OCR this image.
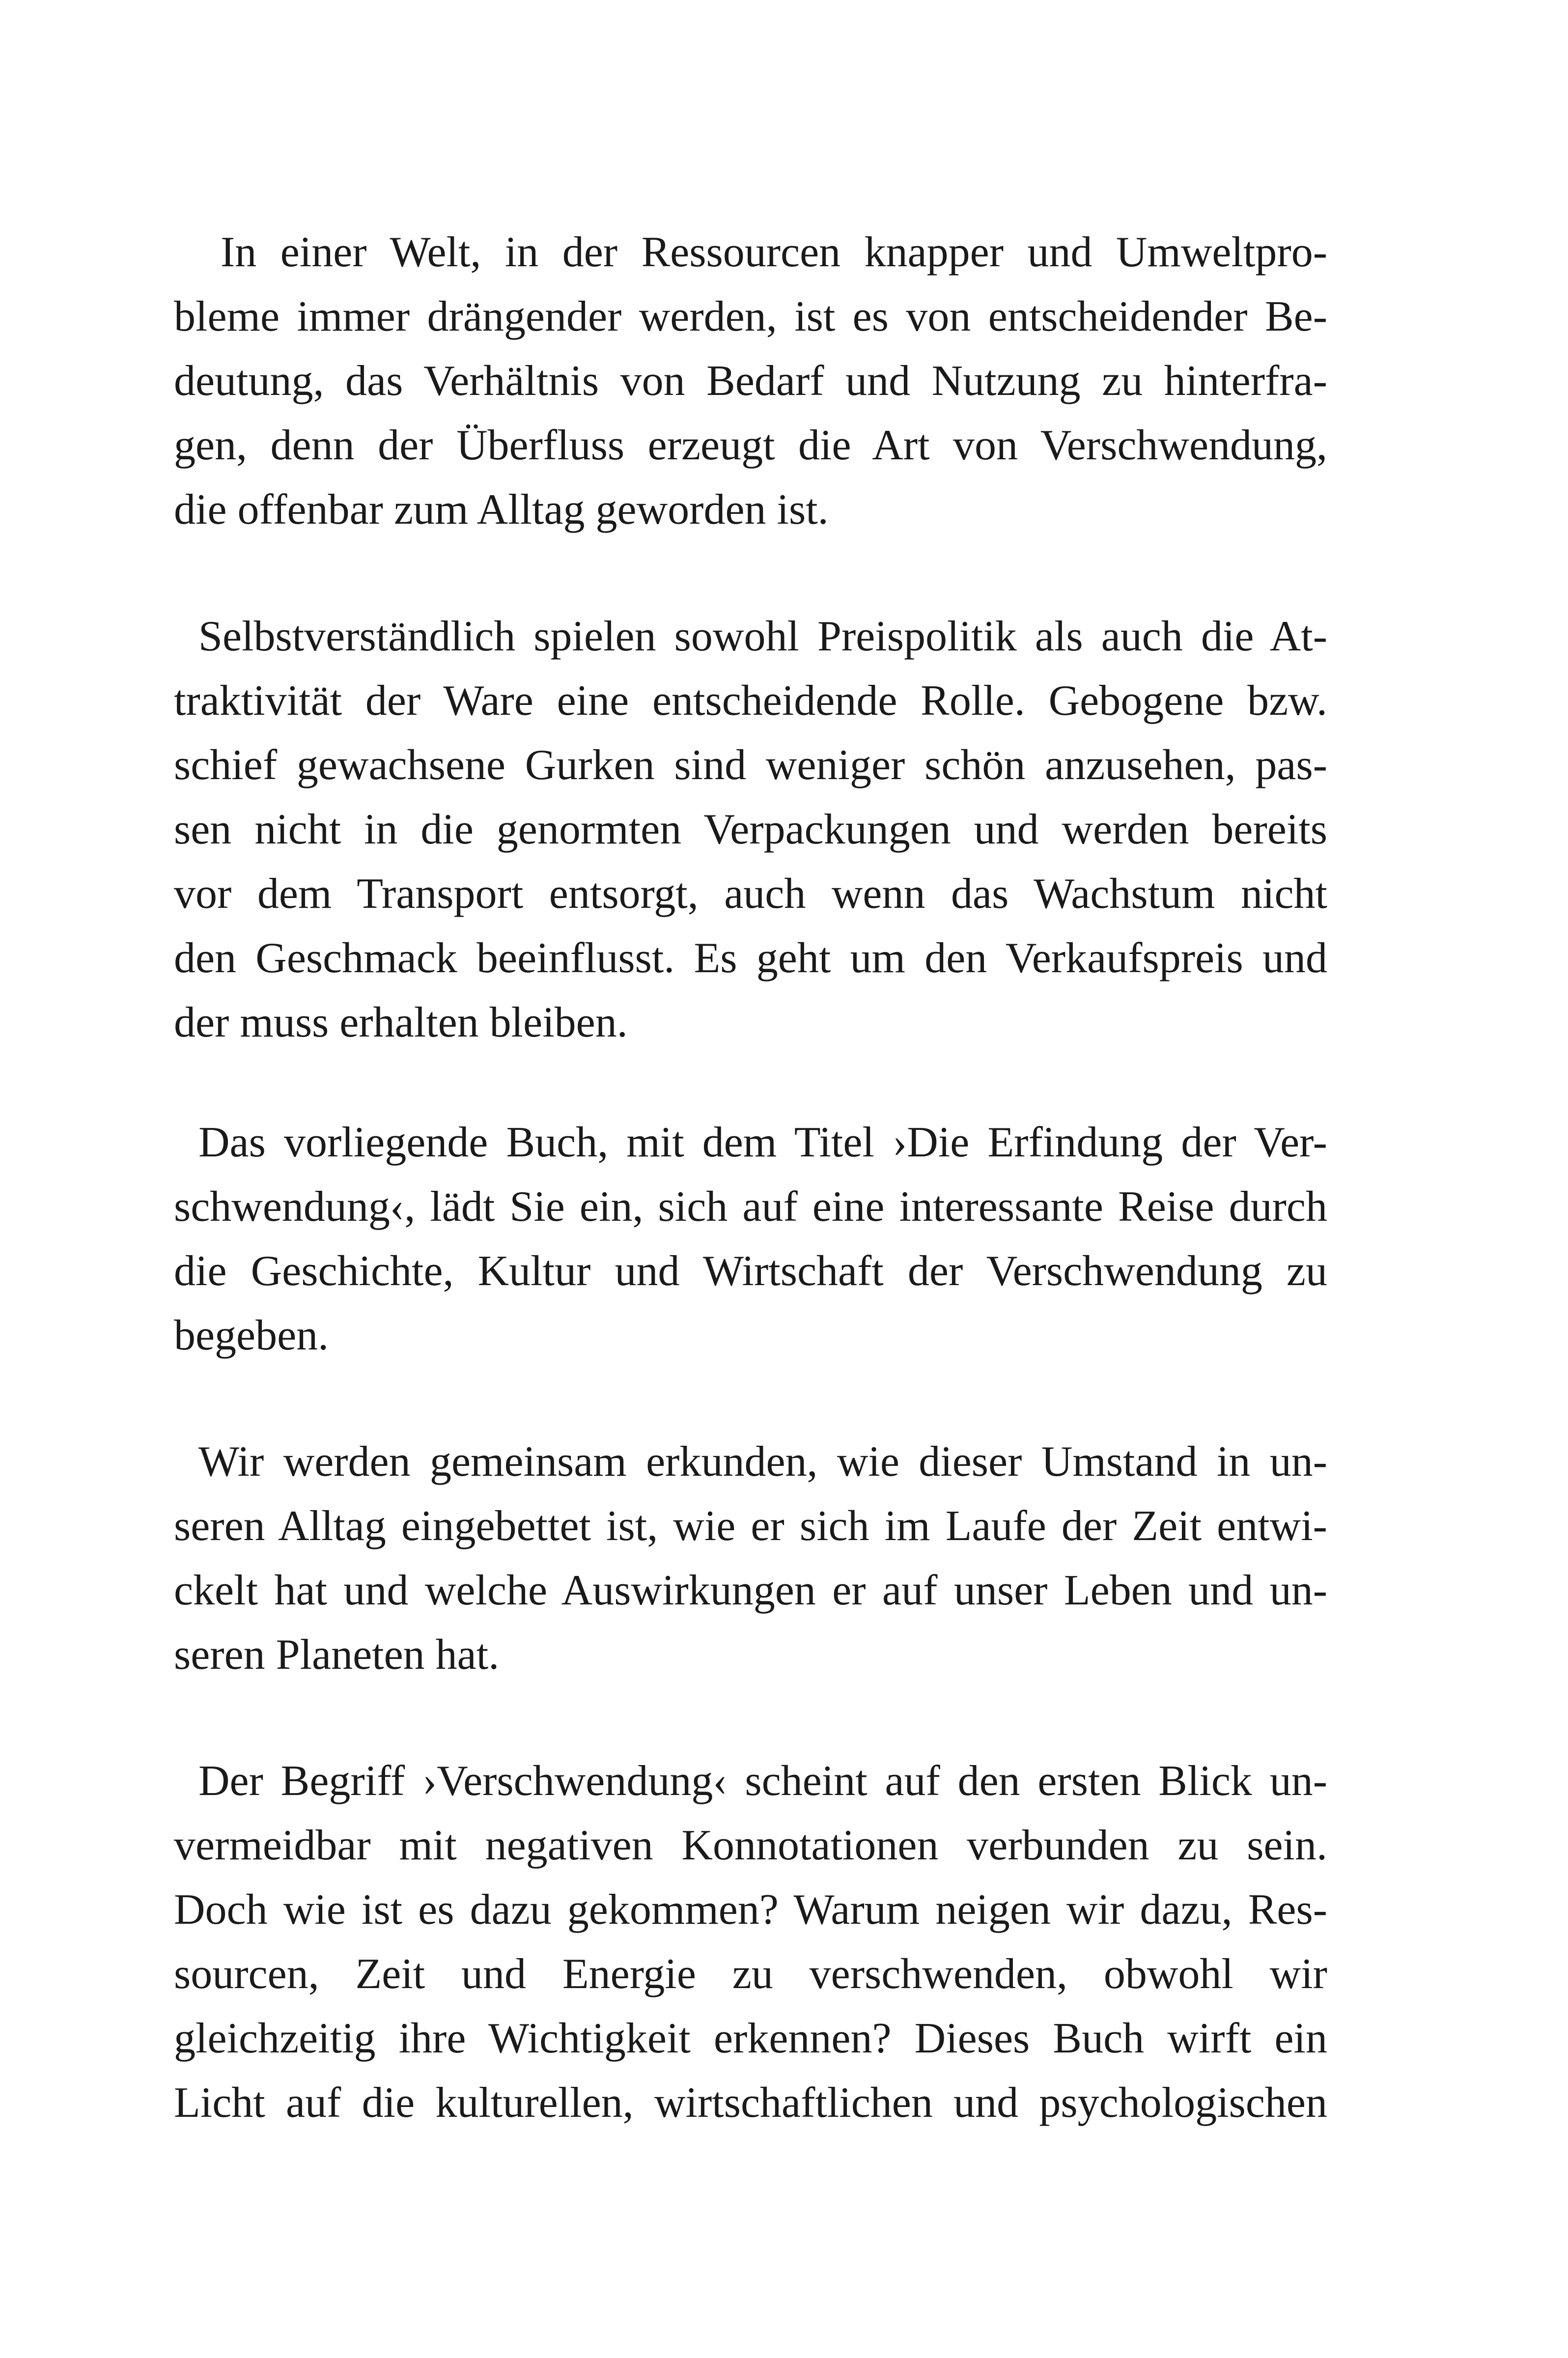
In einer Welt, in der Ressourcen knapper und Umweltpro-
bleme immer drängender werden, ist es von entscheidender Be-
deutung, das Verhältnis von Bedarf und Nutzung zu hinterfra-
gen, denn der Überfluss erzeugt die Art von Verschwendung,
die offenbar zum Alltag geworden ist.

Selbstverständlich spielen sowohl Preispolitik als auch die At-
traktivität der Ware eine entscheidende Rolle. Gebogene bzw.
schief gewachsene Gurken sind weniger schön anzusehen, pas-
sen nicht in die genormten Verpackungen und werden bereits
vor dem Transport entsorgt, auch wenn das Wachstum nicht
den Geschmack beeinflusst. Es geht um den Verkaufspreis und
der muss erhalten bleiben.

Das vorliegende Buch, mit dem Titel ›Die Erfindung der Ver-
schwendung‹, lädt Sie ein, sich auf eine interessante Reise durch
die Geschichte, Kultur und Wirtschaft der Verschwendung zu
begeben.

Wir werden gemeinsam erkunden, wie dieser Umstand in un-
seren Alltag eingebettet ist, wie er sich im Laufe der Zeit entwi-
ckelt hat und welche Auswirkungen er auf unser Leben und un-
seren Planeten hat.

Der Begriff ›Verschwendung‹ scheint auf den ersten Blick un-
vermeidbar mit negativen Konnotationen verbunden zu sein.
Doch wie ist es dazu gekommen? Warum neigen wir dazu, Res-
sourcen, Zeit und Energie zu verschwenden, obwohl wir
gleichzeitig ihre Wichtigkeit erkennen? Dieses Buch wirft ein
Licht auf die kulturellen, wirtschaftlichen und psychologischen
